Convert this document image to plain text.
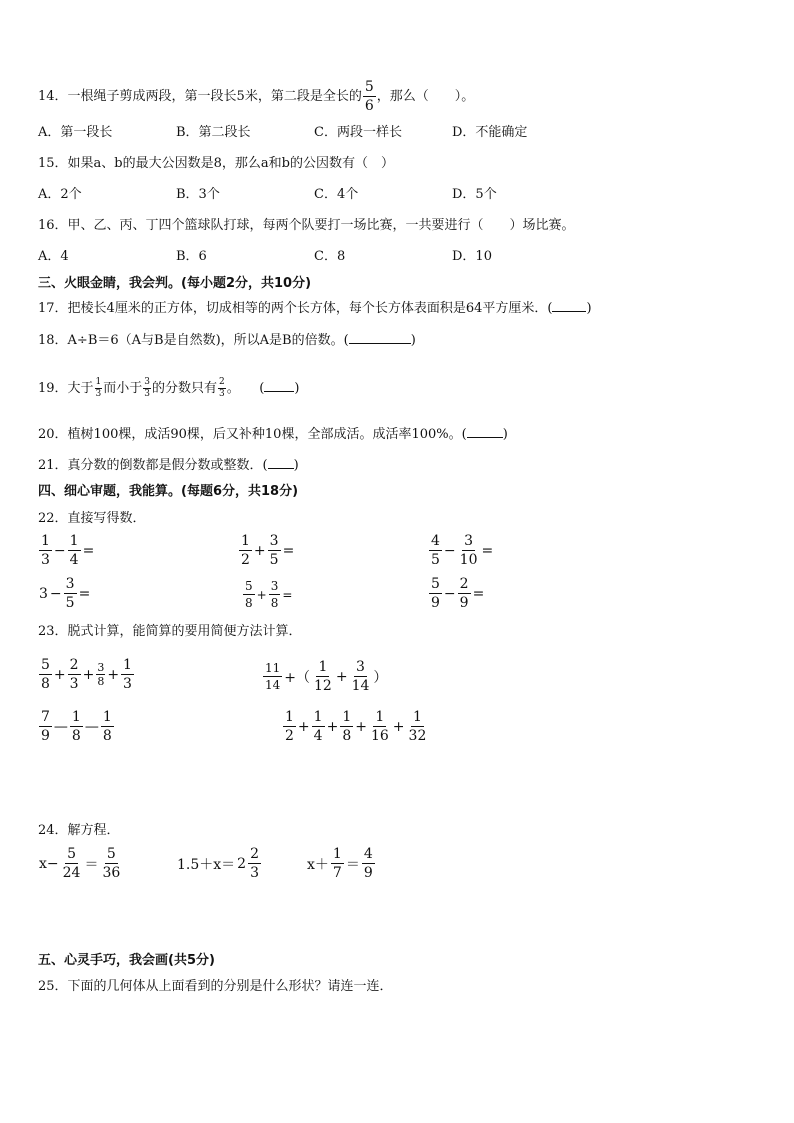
14．一根绳子剪成两段，第一段长5米，第二段是全长的 $\frac{5}{6}$ ，那么（　　）。
A．第一段长	B．第二段长	C．两段一样长	D．不能确定
15．如果a、b的最大公因数是8，那么a和b的公因数有（　）
A．2个	B．3个	C．4个	D．5个
16．甲、乙、丙、丁四个篮球队打球，每两个队要打一场比赛，一共要进行（　　）场比赛。
A．4	B．6	C．8	D．10
三、火眼金睛，我会判。(每小题2分，共10分)
17．把棱长4厘米的正方体，切成相等的两个长方体，每个长方体表面积是64平方厘米．(	)
18．A÷B＝6（A与B是自然数)，所以A是B的倍数。(	)
19．大于 $\frac{1}{3}$ 而小于 $\frac{3}{3}$ 的分数只有 $\frac{2}{3}$ 。　　( )
20．植树100棵，成活90棵，后又补种10棵，全部成活。成活率100%。(	)
21．真分数的倒数都是假分数或整数．( )
四、细心审题，我能算。(每题6分，共18分)
22．直接写得数．
$\frac{1}{3} - \frac{1}{4}$ =	$\frac{1}{2} + \frac{3}{5}$ =	$\frac{4}{5} - \frac{3}{10}$ =
$3 - \frac{3}{5}$ =	$\frac{5}{8} + \frac{3}{8}$ =	$\frac{5}{9} - \frac{2}{9}$ =
23．脱式计算，能简算的要用简便方法计算．
$\frac{5}{8} + \frac{2}{3} + \frac{3}{8} + \frac{1}{3}$	$\frac{11}{14}$ +（ $\frac{1}{12} + \frac{3}{14}$ ）
$\frac{7}{9}$ — $\frac{1}{8}$ — $\frac{1}{8}$	$\frac{1}{2} + \frac{1}{4} + \frac{1}{8} + \frac{1}{16} + \frac{1}{32}$
24．解方程．
$x- \frac{5}{24} = \frac{5}{36}$	$1.5+x= 2 \frac{2}{3}$	$x+ \frac{1}{7} = \frac{4}{9}$
五、心灵手巧，我会画(共5分)
25．下面的几何体从上面看到的分别是什么形状？请连一连．
